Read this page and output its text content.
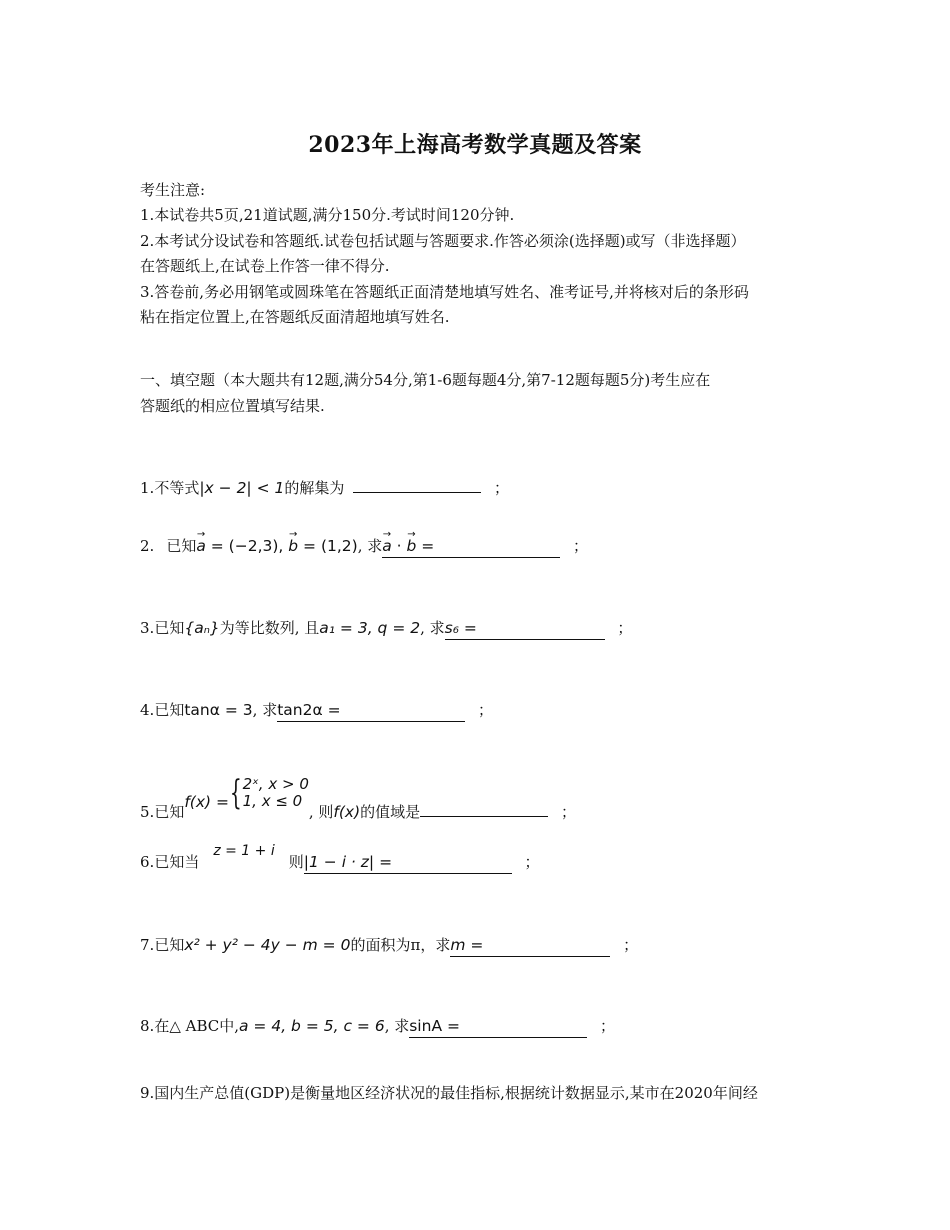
2023年上海高考数学真题及答案
考生注意:
1.本试卷共5页,21道试题,满分150分.考试时间120分钟.
2.本考试分设试卷和答题纸.试卷包括试题与答题要求.作答必须涂(选择题)或写（非选择题）
在答题纸上,在试卷上作答一律不得分.
3.答卷前,务必用钢笔或圆珠笔在答题纸正面清楚地填写姓名、准考证号,并将核对后的条形码
粘在指定位置上,在答题纸反面清超地填写姓名.
一、填空题（本大题共有12题,满分54分,第1-6题每题4分,第7-12题每题5分)考生应在
答题纸的相应位置填写结果.
1.不等式|x − 2| < 1的解集为	；
2. 已知→ a = (−2,3), → b = (1,2), 求→ a · → b =	；
3.已知{aₙ}为等比数列, 且a₁ = 3, q = 2, 求s₆ =	；
4.已知tanα = 3, 求tan2α =	；
5.已知f(x) ={2ˣ, x > 0
1, x ≤ 0, 则f(x)的值域是	；
6.已知当z = 1 + i则|1 − i · z| =	；
7.已知x² + y² − 4y − m = 0的面积为π，求m =	；
8.在△ ABC中,a = 4, b = 5, c = 6, 求sinA =	；
9.国内生产总值(GDP)是衡量地区经济状况的最佳指标,根据统计数据显示,某市在2020年间经
